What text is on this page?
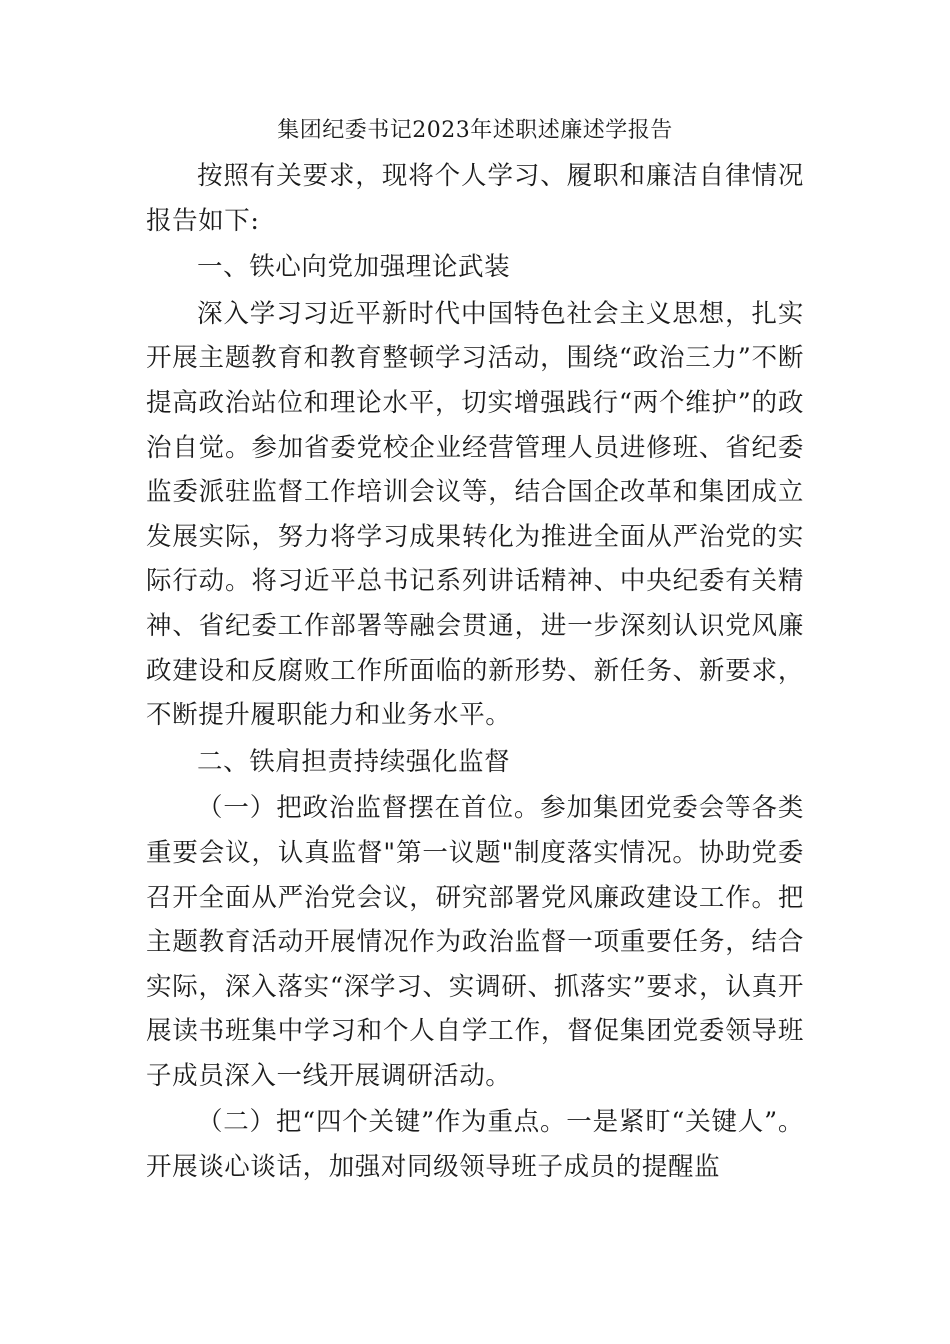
集团纪委书记2023年述职述廉述学报告

按照有关要求，现将个人学习、履职和廉洁自律情况报告如下:

一、铁心向党加强理论武装

深入学习习近平新时代中国特色社会主义思想，扎实开展主题教育和教育整顿学习活动，围绕“政治三力”不断提高政治站位和理论水平，切实增强践行“两个维护”的政治自觉。参加省委党校企业经营管理人员进修班、省纪委监委派驻监督工作培训会议等，结合国企改革和集团成立发展实际，努力将学习成果转化为推进全面从严治党的实际行动。将习近平总书记系列讲话精神、中央纪委有关精神、省纪委工作部署等融会贯通，进一步深刻认识党风廉政建设和反腐败工作所面临的新形势、新任务、新要求，不断提升履职能力和业务水平。

二、铁肩担责持续强化监督

（一）把政治监督摆在首位。参加集团党委会等各类重要会议，认真监督"第一议题"制度落实情况。协助党委召开全面从严治党会议，研究部署党风廉政建设工作。把主题教育活动开展情况作为政治监督一项重要任务，结合实际，深入落实“深学习、实调研、抓落实”要求，认真开展读书班集中学习和个人自学工作，督促集团党委领导班子成员深入一线开展调研活动。

（二）把“四个关键”作为重点。一是紧盯“关键人”。开展谈心谈话，加强对同级领导班子成员的提醒监
